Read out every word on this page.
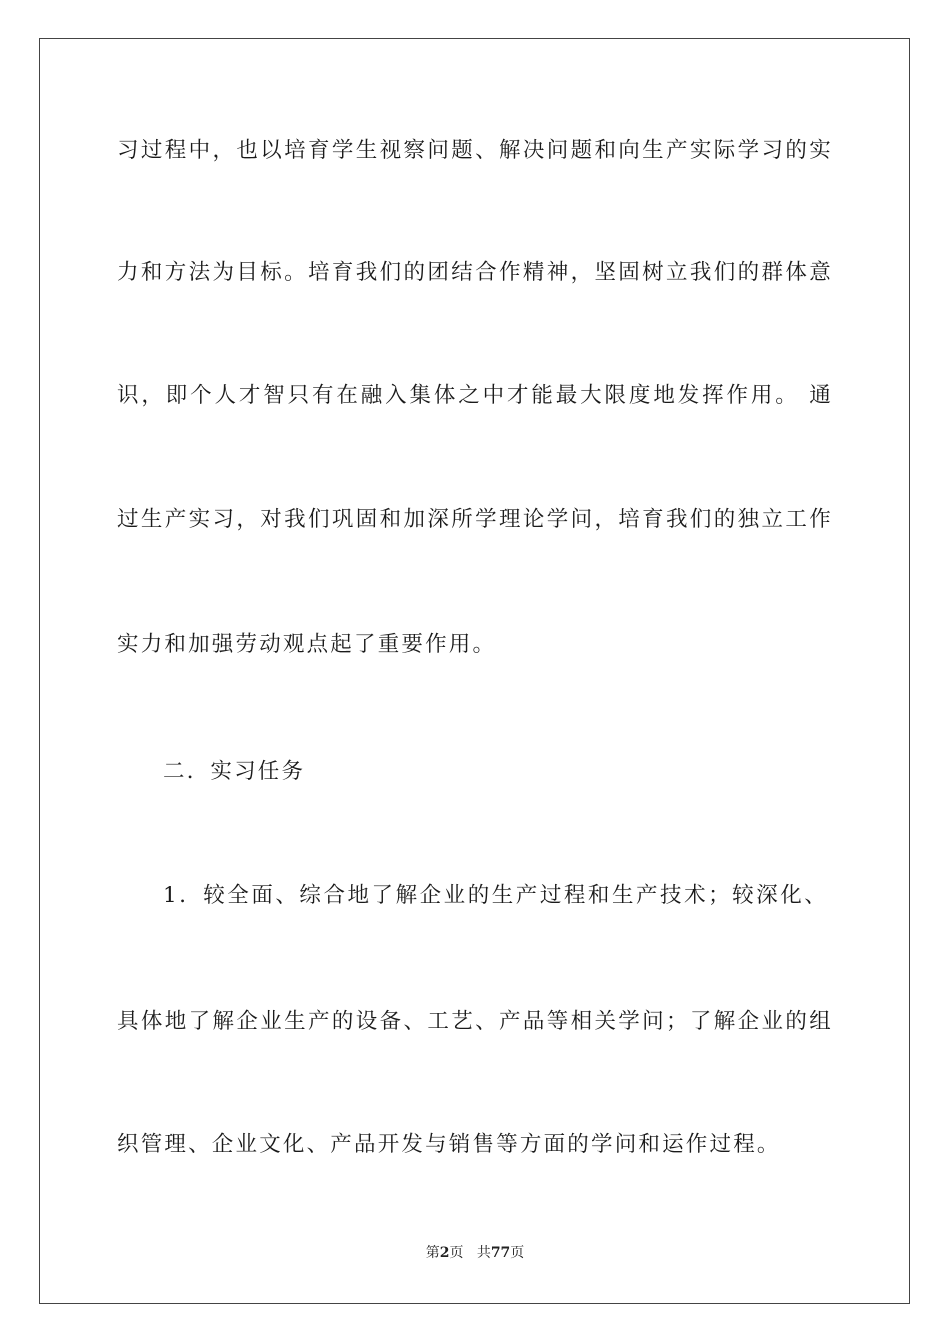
习过程中，也以培育学生视察问题、解决问题和向生产实际学习的实
力和方法为目标。培育我们的团结合作精神，坚固树立我们的群体意
识，即个人才智只有在融入集体之中才能最大限度地发挥作用。 通
过生产实习，对我们巩固和加深所学理论学问，培育我们的独立工作
实力和加强劳动观点起了重要作用。
二．实习任务
1．较全面、综合地了解企业的生产过程和生产技术；较深化、
具体地了解企业生产的设备、工艺、产品等相关学问；了解企业的组
织管理、企业文化、产品开发与销售等方面的学问和运作过程。
第2页 共77页
